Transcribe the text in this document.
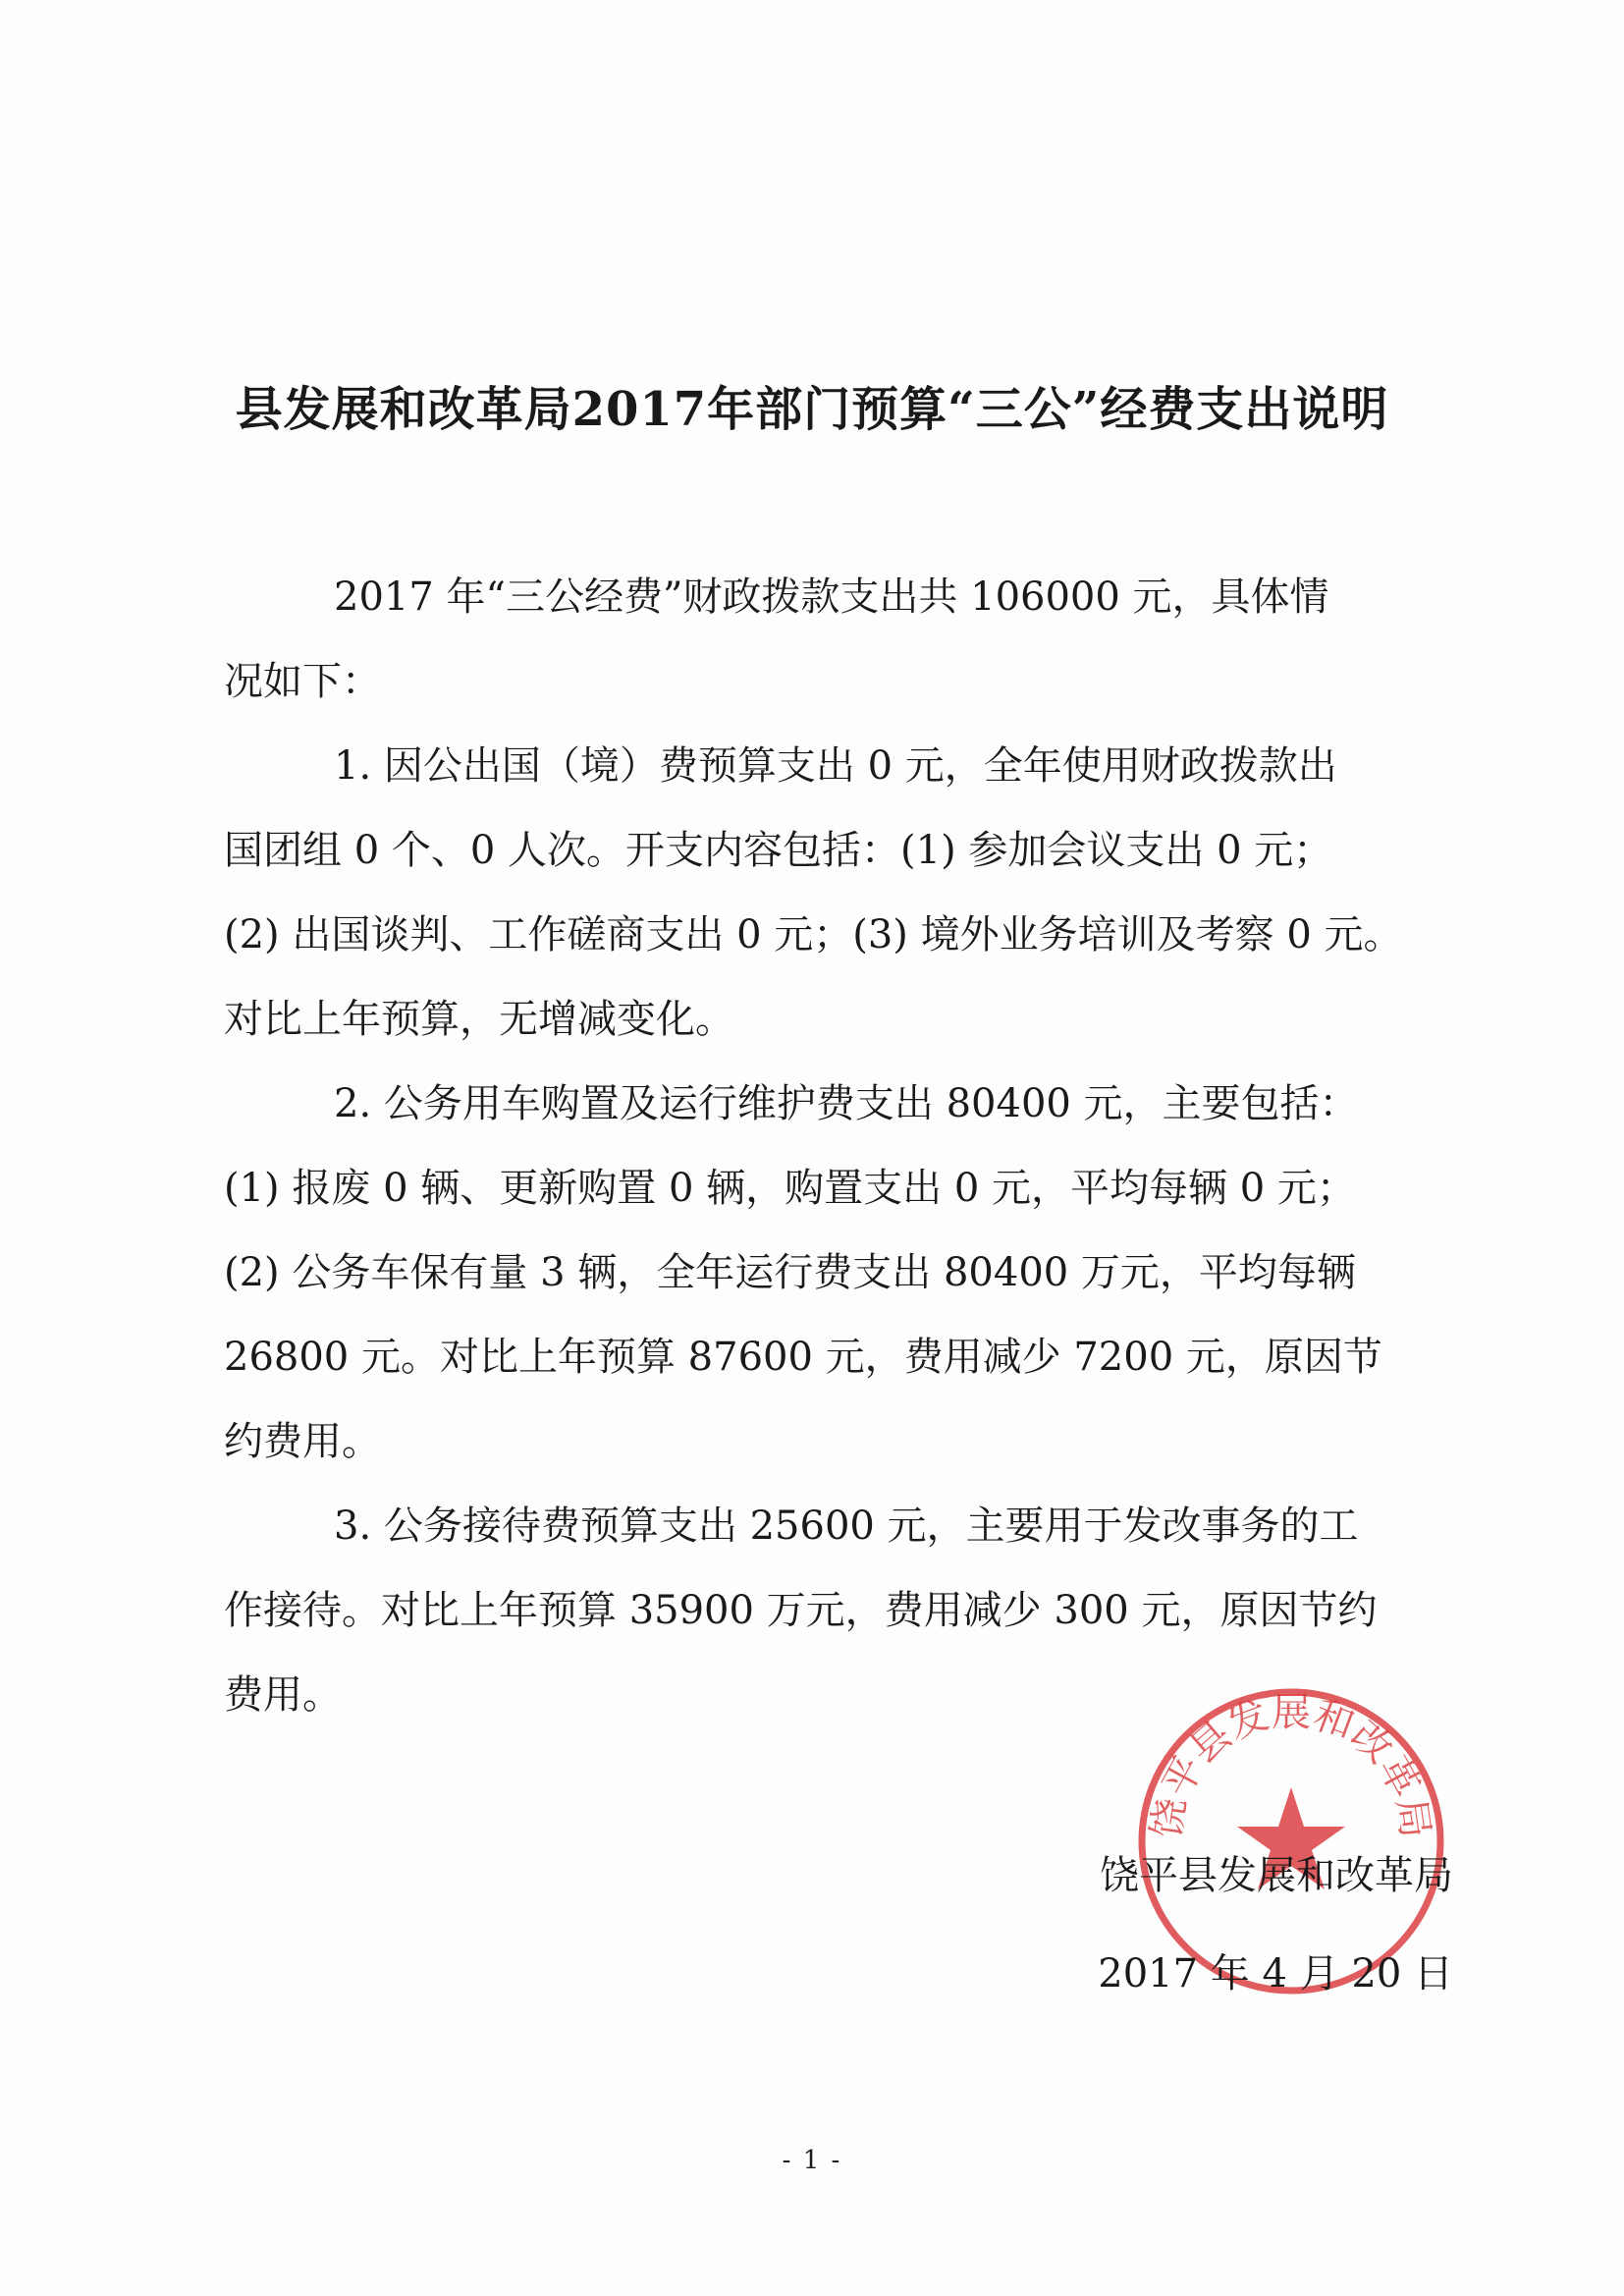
县发展和改革局2017年部门预算“三公”经费支出说明
2017 年“三公经费”财政拨款支出共 106000 元，具体情
况如下：
1. 因公出国（境）费预算支出 0 元，全年使用财政拨款出
国团组 0 个、0 人次。开支内容包括：(1) 参加会议支出 0 元；
(2) 出国谈判、工作磋商支出 0 元；(3) 境外业务培训及考察 0 元。
对比上年预算，无增减变化。
2. 公务用车购置及运行维护费支出 80400 元，主要包括：
(1) 报废 0 辆、更新购置 0 辆，购置支出 0 元，平均每辆 0 元；
(2) 公务车保有量 3 辆，全年运行费支出 80400 万元，平均每辆
26800 元。对比上年预算 87600 元，费用减少 7200 元，原因节
约费用。
3. 公务接待费预算支出 25600 元，主要用于发改事务的工
作接待。对比上年预算 35900 万元，费用减少 300 元，原因节约
费用。
饶平县发展和改革局
饶平县发展和改革局
2017 年 4 月 20 日
- 1 -
